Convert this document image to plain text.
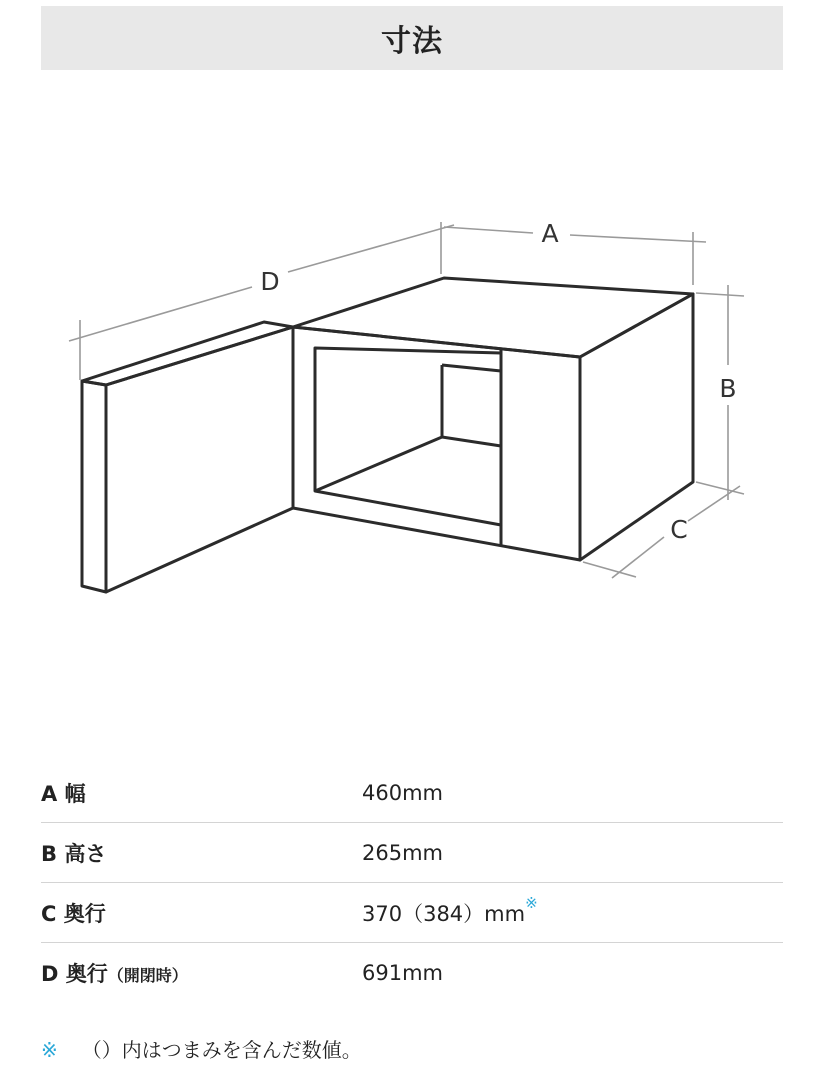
寸法
A
B
C
D
A 幅	460mm
B 高さ	265mm
C 奥行	370（384）mm※
D 奥行（開閉時）	691mm
※ （）内はつまみを含んだ数値。
